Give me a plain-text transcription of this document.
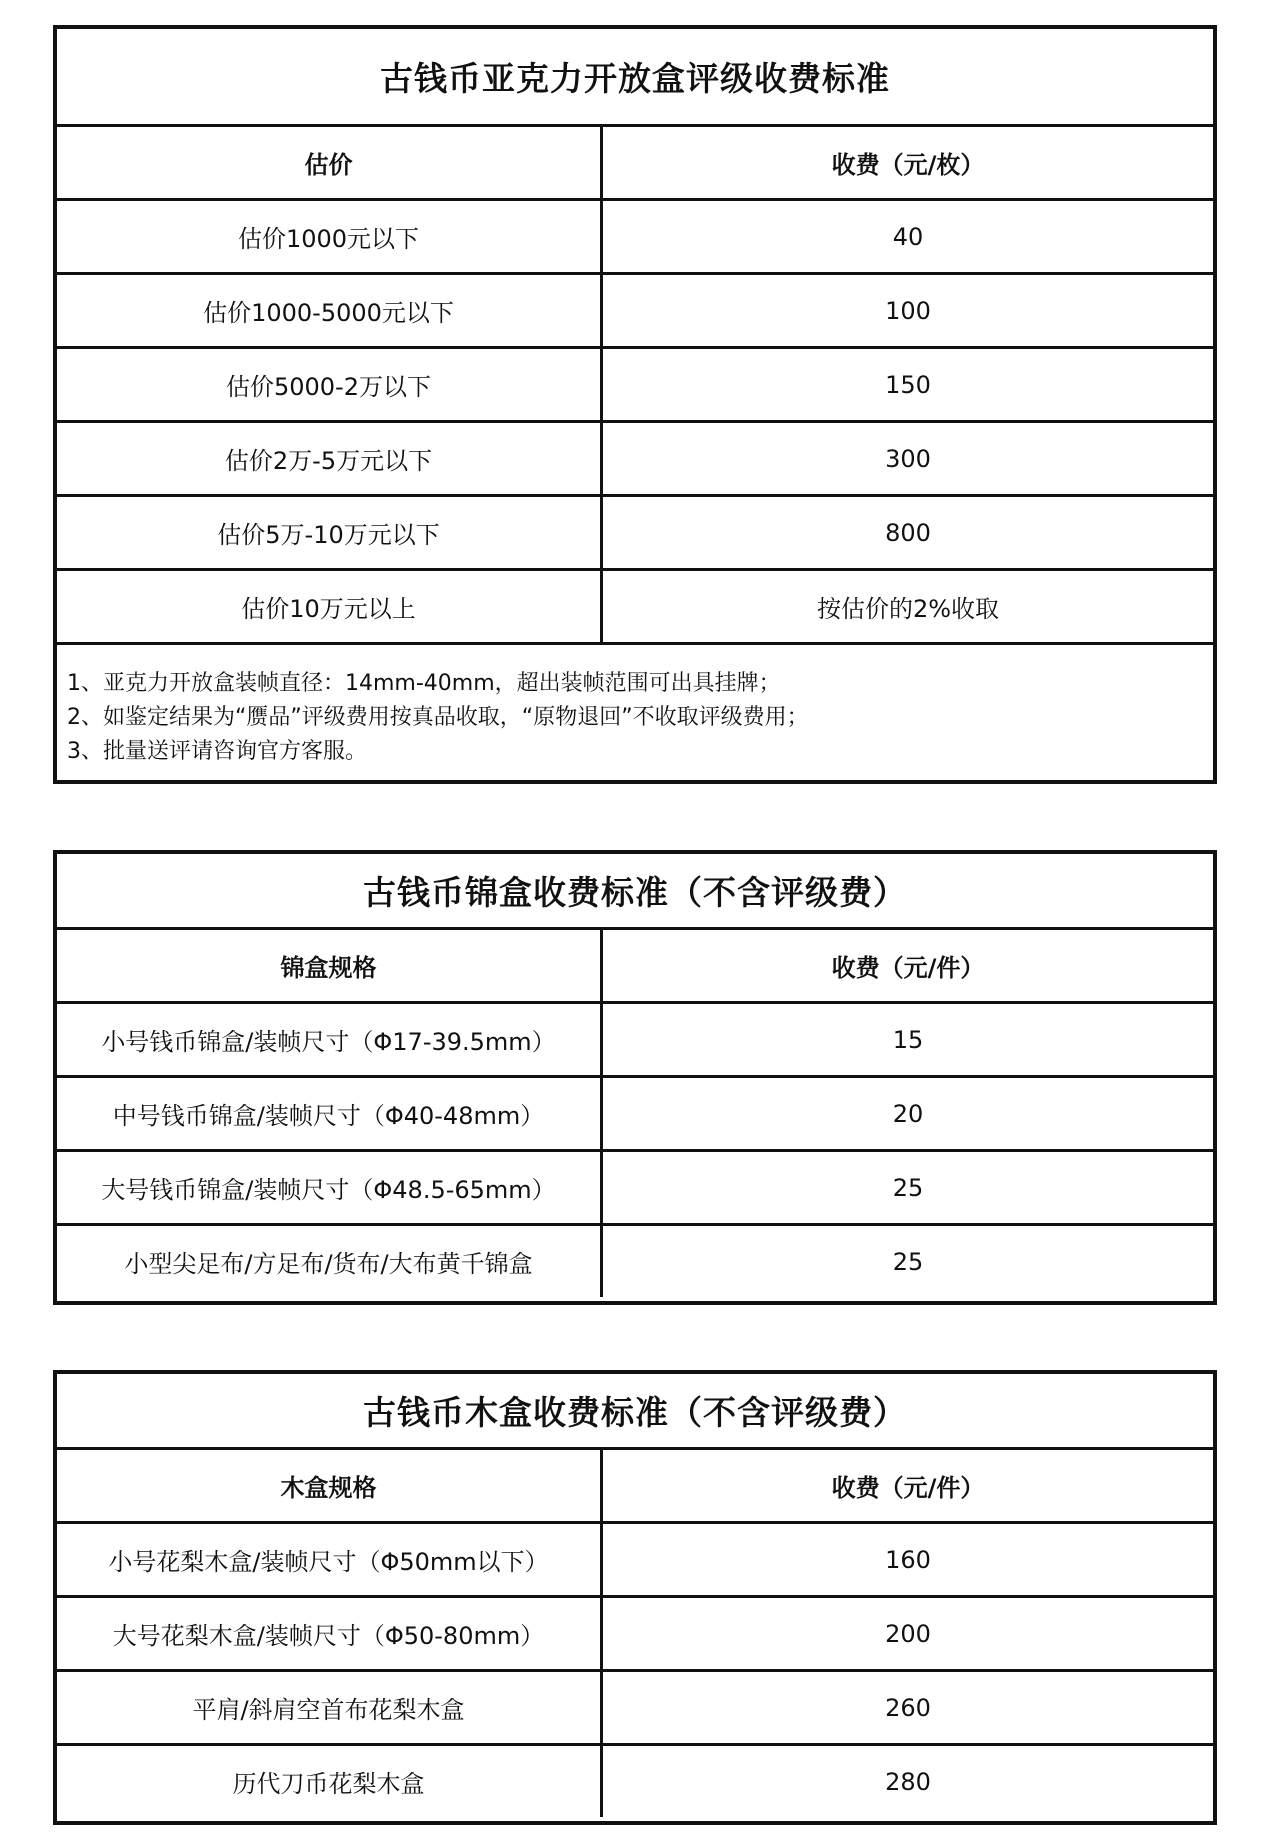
古钱币亚克力开放盒评级收费标准
估价	收费（元/枚）
估价1000元以下	40
估价1000-5000元以下	100
估价5000-2万以下	150
估价2万-5万元以下	300
估价5万-10万元以下	800
估价10万元以上	按估价的2%收取
1、亚克力开放盒装帧直径：14mm-40mm，超出装帧范围可出具挂牌；
2、如鉴定结果为“赝品”评级费用按真品收取，“原物退回”不收取评级费用；
3、批量送评请咨询官方客服。
古钱币锦盒收费标准（不含评级费）
锦盒规格	收费（元/件）
小号钱币锦盒/装帧尺寸（Φ17-39.5mm）	15
中号钱币锦盒/装帧尺寸（Φ40-48mm）	20
大号钱币锦盒/装帧尺寸（Φ48.5-65mm）	25
小型尖足布/方足布/货布/大布黄千锦盒	25
古钱币木盒收费标准（不含评级费）
木盒规格	收费（元/件）
小号花梨木盒/装帧尺寸（Φ50mm以下）	160
大号花梨木盒/装帧尺寸（Φ50-80mm）	200
平肩/斜肩空首布花梨木盒	260
历代刀币花梨木盒	280
